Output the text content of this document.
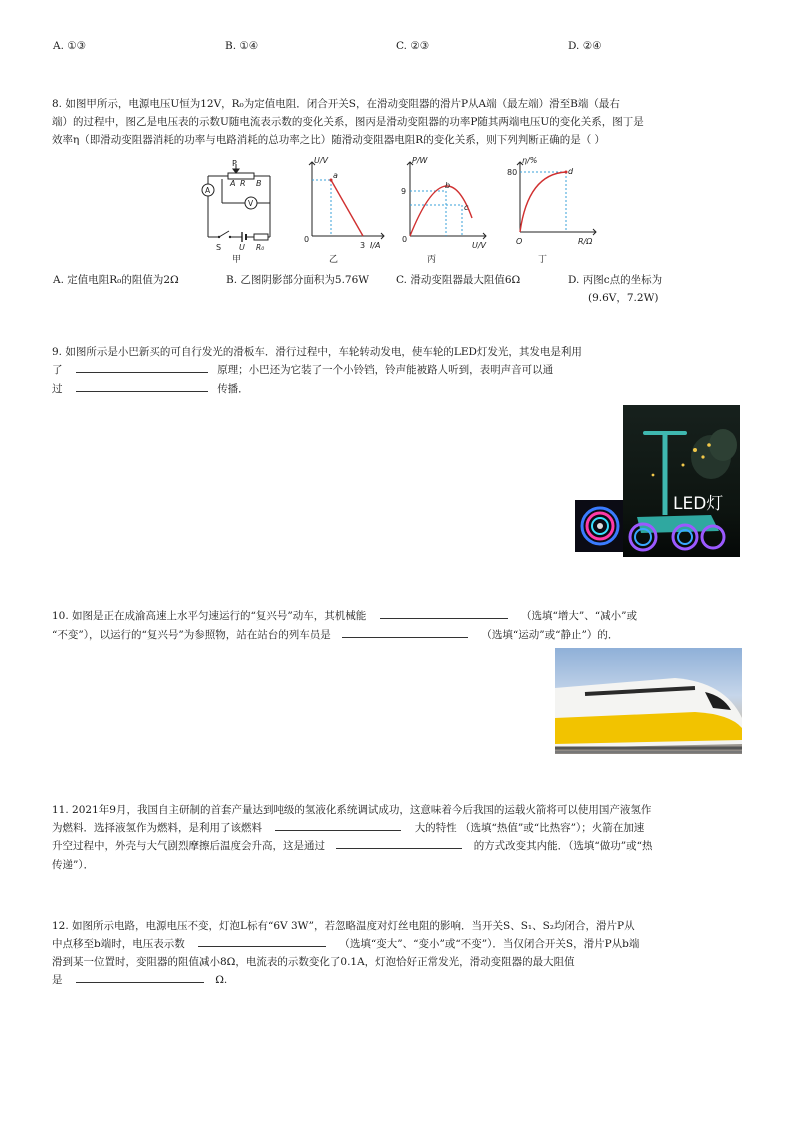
A. ①③	B. ①④	C. ②③	D. ②④
8. 如图甲所示，电源电压U恒为12V，R₀为定值电阻．闭合开关S，在滑动变阻器的滑片P从A端（最左端）滑至B端（最右
端）的过程中，图乙是电压表的示数U随电流表示数的变化关系，图丙是滑动变阻器的功率P随其两端电压U的变化关系，图丁是
效率η（即滑动变阻器消耗的功率与电路消耗的总功率之比）随滑动变阻器电阻R的变化关系，则下列判断正确的是（ ）
P
A R B
A
V
S U R₀
甲
U/V
I/A
0
3
a
乙
P/W
U/V
0
9
b
c
丙
η/%
R/Ω
O
80	d
丁
A. 定值电阻R₀的阻值为2Ω	B. 乙图阴影部分面积为5.76W	C. 滑动变阻器最大阻值6Ω	D. 丙图c点的坐标为
(9.6V，7.2W)
9. 如图所示是小巴新买的可自行发光的滑板车．滑行过程中，车轮转动发电，使车轮的LED灯发光，其发电是利用
了	原理；小巴还为它装了一个小铃铛，铃声能被路人听到，表明声音可以通
过	传播．
LED灯
10. 如图是正在成渝高速上水平匀速运行的“复兴号”动车，其机械能	（选填“增大”、“减小”或
“不变”），以运行的“复兴号”为参照物，站在站台的列车员是	（选填“运动”或“静止”）的．
11. 2021年9月，我国自主研制的首套产量达到吨级的氢液化系统调试成功，这意味着今后我国的运载火箭将可以使用国产液氢作
为燃料．选择液氢作为燃料，是利用了该燃料	大的特性 （选填“热值”或“比热容”）；火箭在加速
升空过程中，外壳与大气剧烈摩擦后温度会升高，这是通过	的方式改变其内能．（选填“做功”或“热
传递”）．
12. 如图所示电路，电源电压不变，灯泡L标有“6V 3W”，若忽略温度对灯丝电阻的影响．当开关S、S₁、S₂均闭合，滑片P从
中点移至b端时，电压表示数	（选填“变大”、“变小”或“不变”）．当仅闭合开关S，滑片P从b端
滑到某一位置时，变阻器的阻值减小8Ω，电流表的示数变化了0.1A，灯泡恰好正常发光，滑动变阻器的最大阻值
是	Ω.
